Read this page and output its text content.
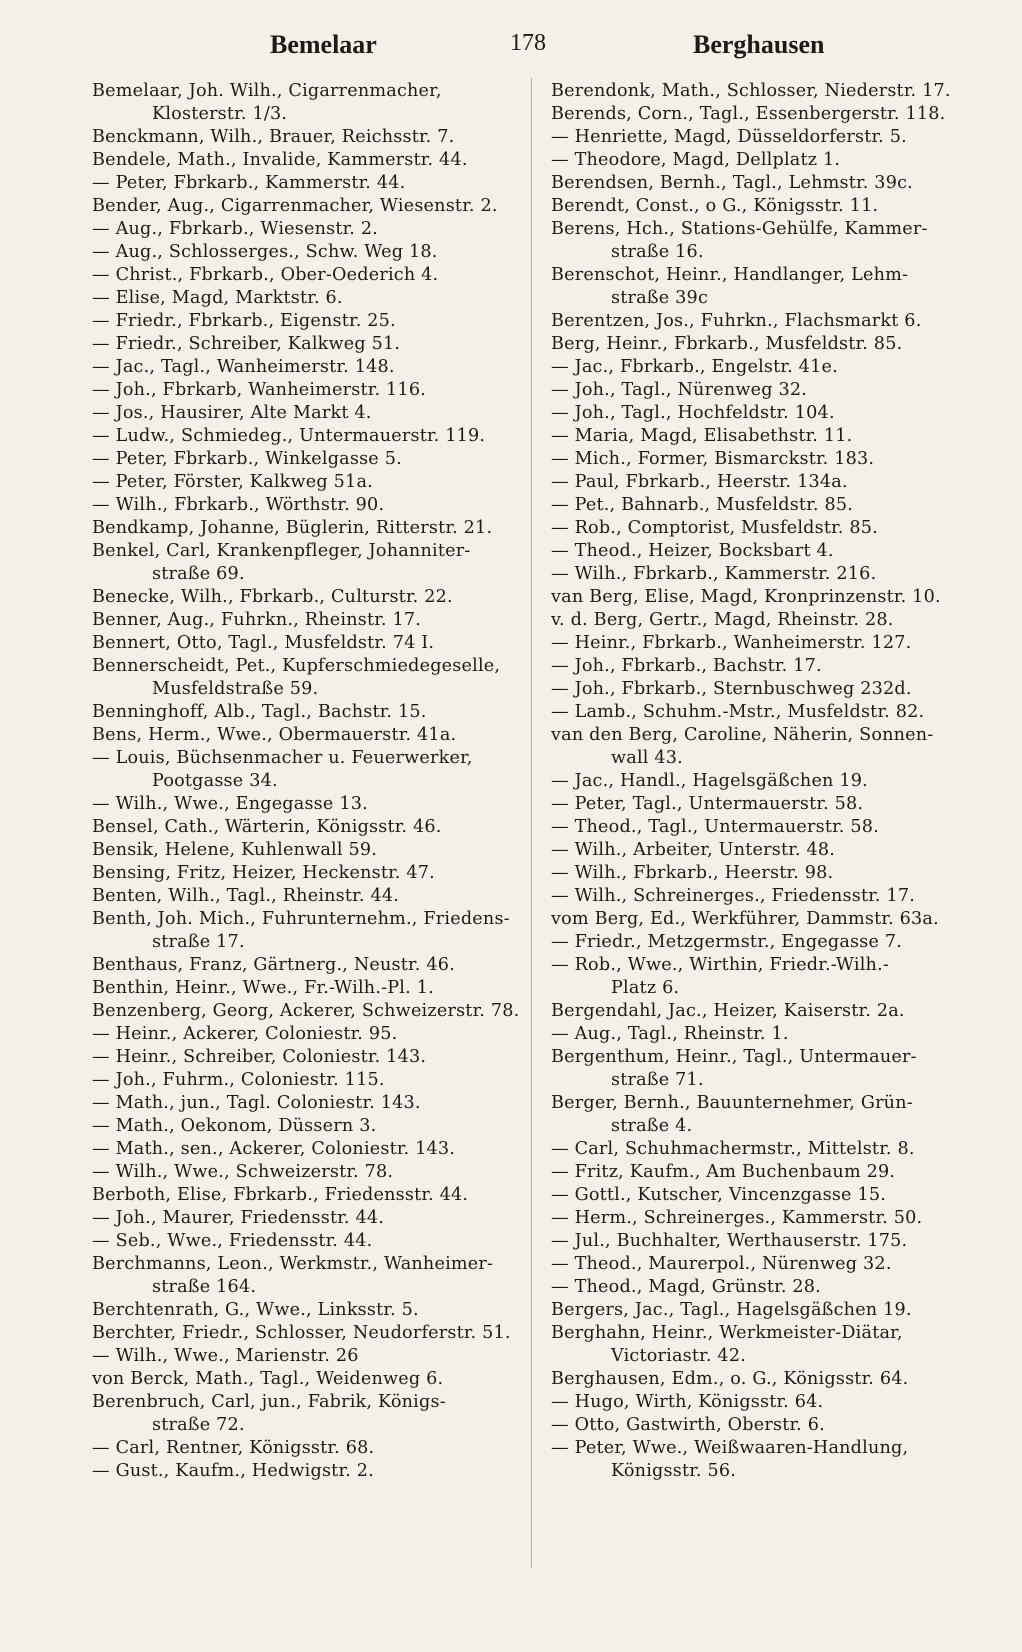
Bemelaar	178	Berghausen
Bemelaar, Joh. Wilh., Cigarrenmacher,
Klosterstr. 1/3.
Benckmann, Wilh., Brauer, Reichsstr. 7.
Bendele, Math., Invalide, Kammerstr. 44.
— Peter, Fbrkarb., Kammerstr. 44.
Bender, Aug., Cigarrenmacher, Wiesenstr. 2.
— Aug., Fbrkarb., Wiesenstr. 2.
— Aug., Schlosserges., Schw. Weg 18.
— Christ., Fbrkarb., Ober-Oederich 4.
— Elise, Magd, Marktstr. 6.
— Friedr., Fbrkarb., Eigenstr. 25.
— Friedr., Schreiber, Kalkweg 51.
— Jac., Tagl., Wanheimerstr. 148.
— Joh., Fbrkarb, Wanheimerstr. 116.
— Jos., Hausirer, Alte Markt 4.
— Ludw., Schmiedeg., Untermauerstr. 119.
— Peter, Fbrkarb., Winkelgasse 5.
— Peter, Förster, Kalkweg 51a.
— Wilh., Fbrkarb., Wörthstr. 90.
Bendkamp, Johanne, Büglerin, Ritterstr. 21.
Benkel, Carl, Krankenpfleger, Johanniter-
straße 69.
Benecke, Wilh., Fbrkarb., Culturstr. 22.
Benner, Aug., Fuhrkn., Rheinstr. 17.
Bennert, Otto, Tagl., Musfeldstr. 74 I.
Bennerscheidt, Pet., Kupferschmiedegeselle,
Musfeldstraße 59.
Benninghoff, Alb., Tagl., Bachstr. 15.
Bens, Herm., Wwe., Obermauerstr. 41a.
— Louis, Büchsenmacher u. Feuerwerker,
Pootgasse 34.
— Wilh., Wwe., Engegasse 13.
Bensel, Cath., Wärterin, Königsstr. 46.
Bensik, Helene, Kuhlenwall 59.
Bensing, Fritz, Heizer, Heckenstr. 47.
Benten, Wilh., Tagl., Rheinstr. 44.
Benth, Joh. Mich., Fuhrunternehm., Friedens-
straße 17.
Benthaus, Franz, Gärtnerg., Neustr. 46.
Benthin, Heinr., Wwe., Fr.-Wilh.-Pl. 1.
Benzenberg, Georg, Ackerer, Schweizerstr. 78.
— Heinr., Ackerer, Coloniestr. 95.
— Heinr., Schreiber, Coloniestr. 143.
— Joh., Fuhrm., Coloniestr. 115.
— Math., jun., Tagl. Coloniestr. 143.
— Math., Oekonom, Düssern 3.
— Math., sen., Ackerer, Coloniestr. 143.
— Wilh., Wwe., Schweizerstr. 78.
Berboth, Elise, Fbrkarb., Friedensstr. 44.
— Joh., Maurer, Friedensstr. 44.
— Seb., Wwe., Friedensstr. 44.
Berchmanns, Leon., Werkmstr., Wanheimer-
straße 164.
Berchtenrath, G., Wwe., Linksstr. 5.
Berchter, Friedr., Schlosser, Neudorferstr. 51.
— Wilh., Wwe., Marienstr. 26
von Berck, Math., Tagl., Weidenweg 6.
Berenbruch, Carl, jun., Fabrik, Königs-
straße 72.
— Carl, Rentner, Königsstr. 68.
— Gust., Kaufm., Hedwigstr. 2.
Berendonk, Math., Schlosser, Niederstr. 17.
Berends, Corn., Tagl., Essenbergerstr. 118.
— Henriette, Magd, Düsseldorferstr. 5.
— Theodore, Magd, Dellplatz 1.
Berendsen, Bernh., Tagl., Lehmstr. 39c.
Berendt, Const., o G., Königsstr. 11.
Berens, Hch., Stations-Gehülfe, Kammer-
straße 16.
Berenschot, Heinr., Handlanger, Lehm-
straße 39c
Berentzen, Jos., Fuhrkn., Flachsmarkt 6.
Berg, Heinr., Fbrkarb., Musfeldstr. 85.
— Jac., Fbrkarb., Engelstr. 41e.
— Joh., Tagl., Nürenweg 32.
— Joh., Tagl., Hochfeldstr. 104.
— Maria, Magd, Elisabethstr. 11.
— Mich., Former, Bismarckstr. 183.
— Paul, Fbrkarb., Heerstr. 134a.
— Pet., Bahnarb., Musfeldstr. 85.
— Rob., Comptorist, Musfeldstr. 85.
— Theod., Heizer, Bocksbart 4.
— Wilh., Fbrkarb., Kammerstr. 216.
van Berg, Elise, Magd, Kronprinzenstr. 10.
v. d. Berg, Gertr., Magd, Rheinstr. 28.
— Heinr., Fbrkarb., Wanheimerstr. 127.
— Joh., Fbrkarb., Bachstr. 17.
— Joh., Fbrkarb., Sternbuschweg 232d.
— Lamb., Schuhm.-Mstr., Musfeldstr. 82.
van den Berg, Caroline, Näherin, Sonnen-
wall 43.
— Jac., Handl., Hagelsgäßchen 19.
— Peter, Tagl., Untermauerstr. 58.
— Theod., Tagl., Untermauerstr. 58.
— Wilh., Arbeiter, Unterstr. 48.
— Wilh., Fbrkarb., Heerstr. 98.
— Wilh., Schreinerges., Friedensstr. 17.
vom Berg, Ed., Werkführer, Dammstr. 63a.
— Friedr., Metzgermstr., Engegasse 7.
— Rob., Wwe., Wirthin, Friedr.-Wilh.-
Platz 6.
Bergendahl, Jac., Heizer, Kaiserstr. 2a.
— Aug., Tagl., Rheinstr. 1.
Bergenthum, Heinr., Tagl., Untermauer-
straße 71.
Berger, Bernh., Bauunternehmer, Grün-
straße 4.
— Carl, Schuhmachermstr., Mittelstr. 8.
— Fritz, Kaufm., Am Buchenbaum 29.
— Gottl., Kutscher, Vincenzgasse 15.
— Herm., Schreinerges., Kammerstr. 50.
— Jul., Buchhalter, Werthauserstr. 175.
— Theod., Maurerpol., Nürenweg 32.
— Theod., Magd, Grünstr. 28.
Bergers, Jac., Tagl., Hagelsgäßchen 19.
Berghahn, Heinr., Werkmeister-Diätar,
Victoriastr. 42.
Berghausen, Edm., o. G., Königsstr. 64.
— Hugo, Wirth, Königsstr. 64.
— Otto, Gastwirth, Oberstr. 6.
— Peter, Wwe., Weißwaaren-Handlung,
Königsstr. 56.
